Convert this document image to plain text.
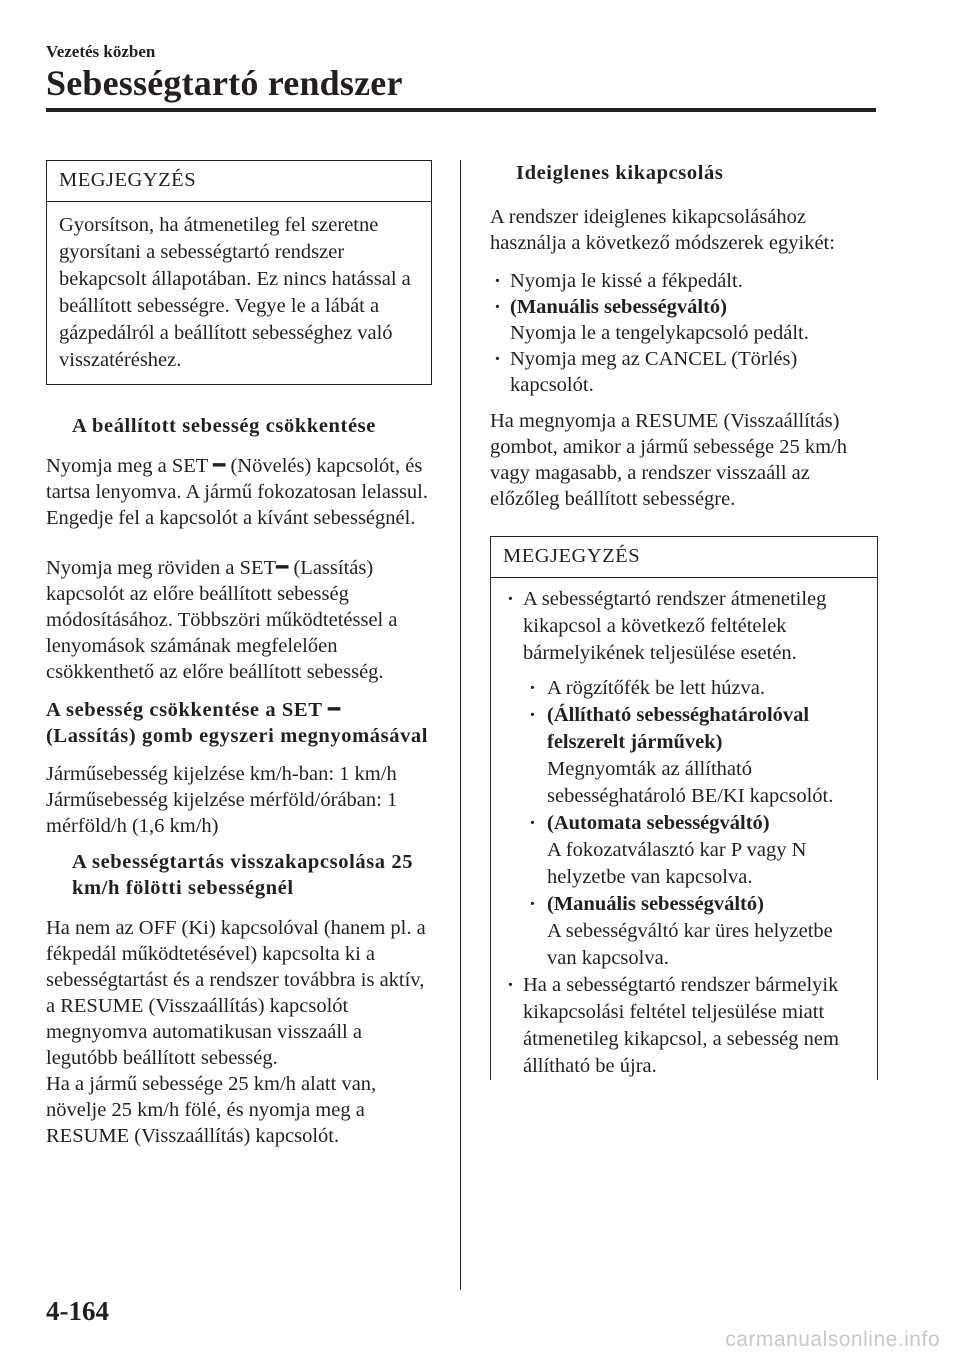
Vezetés közben
Sebességtartó rendszer
MEGJEGYZÉS
Gyorsítson, ha átmenetileg fel szeretne gyorsítani a sebességtartó rendszer bekapcsolt állapotában. Ez nincs hatással a beállított sebességre. Vegye le a lábát a gázpedálról a beállított sebességhez való visszatéréshez.

A beállított sebesség csökkentése

Nyomja meg a SET ━ (Növelés) kapcsolót, és tartsa lenyomva. A jármű fokozatosan lelassul.

Engedje fel a kapcsolót a kívánt sebességnél.

Nyomja meg röviden a SET━ (Lassítás) kapcsolót az előre beállított sebesség módosításához. Többszöri működtetéssel a lenyomások számának megfelelően csökkenthető az előre beállított sebesség.

A sebesség csökkentése a SET ━ (Lassítás) gomb egyszeri megnyomásával

Járműsebesség kijelzése km/h-ban: 1 km/h

Járműsebesség kijelzése mérföld/órában: 1 mérföld/h (1,6 km/h)

A sebességtartás visszakapcsolása 25 km/h fölötti sebességnél

Ha nem az OFF (Ki) kapcsolóval (hanem pl. a fékpedál működtetésével) kapcsolta ki a sebességtartást és a rendszer továbbra is aktív, a RESUME (Visszaállítás) kapcsolót megnyomva automatikusan visszaáll a legutóbb beállított sebesség.

Ha a jármű sebessége 25 km/h alatt van, növelje 25 km/h fölé, és nyomja meg a RESUME (Visszaállítás) kapcsolót.

Ideiglenes kikapcsolás

A rendszer ideiglenes kikapcsolásához használja a következő módszerek egyikét:

· Nyomja le kissé a fékpedált.

· (Manuális sebességváltó)
Nyomja le a tengelykapcsoló pedált.

· Nyomja meg az CANCEL (Törlés) kapcsolót.

Ha megnyomja a RESUME (Visszaállítás) gombot, amikor a jármű sebessége 25 km/h vagy magasabb, a rendszer visszaáll az előzőleg beállított sebességre.

MEGJEGYZÉS

· A sebességtartó rendszer átmenetileg kikapcsol a következő feltételek bármelyikének teljesülése esetén.

· A rögzítőfék be lett húzva.

· (Állítható sebességhatárolóval felszerelt járművek)
Megnyomták az állítható sebességhatároló BE/KI kapcsolót.
· (Automata sebességváltó)
A fokozatválasztó kar P vagy N helyzetbe van kapcsolva.
· (Manuális sebességváltó)
A sebességváltó kar üres helyzetbe van kapcsolva.

· Ha a sebességtartó rendszer bármelyik kikapcsolási feltétel teljesülése miatt átmenetileg kikapcsol, a sebesség nem állítható be újra.

4-164
carmanualsonline.info
